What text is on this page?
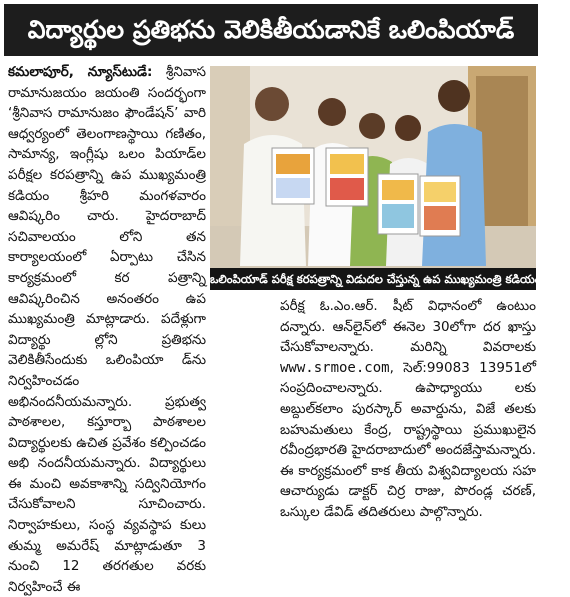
విద్యార్థుల ప్రతిభను వెలికితీయడానికే ఒలింపియాడ్

కమలాపూర్, న్యూస్‌టుడే: శ్రీనివాస రామానుజయం జయంతి సందర్భంగా ‘శ్రీనివాస రామానుజం ఫౌండేషన్’ వారి ఆధ్వర్యంలో తెలంగాణస్థాయి గణితం, సామాన్య, ఇంగ్లీషు ఒలం పియాడ్‌ల పరీక్షల కరపత్రాన్ని ఉప ముఖ్యమంత్రి కడియం శ్రీహరి మంగళవారం ఆవిష్కరిం చారు. హైదరాబాద్ సచివాలయం లోని తన కార్యాలయంలో ఏర్పాటు చేసిన కార్యక్రమంలో కర పత్రాన్ని ఆవిష్కరించిన అనంతరం ఉప ముఖ్యమంత్రి మాట్లాడారు. పదేళ్లుగా విద్యార్థు ల్లోని ప్రతిభను వెలికితీసేందుకు ఒలింపియా డ్‌ను నిర్వహించడం అభినందనీయమన్నారు. ప్రభుత్వ పాఠశాలల, కస్తూర్బా పాఠశాలల విద్యార్థులకు ఉచిత ప్రవేశం కల్పించడం అభి నందనీయమన్నారు. విద్యార్థులు ఈ మంచి అవకాశాన్ని సద్వినియోగం చేసుకోవాలని సూచించారు. నిర్వాహకులు, సంస్థ వ్యవస్థాప కులు తుమ్మ అమరేష్ మాట్లాడుతూ 3 నుంచి 12 తరగతుల వరకు నిర్వహించే ఈ

ఒలింపియాడ్ పరీక్ష కరపత్రాన్ని విడుదల చేస్తున్న ఉప ముఖ్యమంత్రి కడియం శ్రీహరి

పరీక్ష ఓ.ఎం.ఆర్. షీట్ విధానంలో ఉంటుం దన్నారు. ఆన్‌లైన్‌లో ఈనెల 30లోగా దర ఖాస్తు చేసుకోవాలన్నారు. మరిన్ని వివరాలకు www.srmoe.com, సెల్:99083 13951లో సంప్రదించాలన్నారు. ఉపాధ్యాయు లకు అబ్దుల్‌కలాం పురస్కార్ అవార్డును, విజే తలకు బహుమతులు కేంద్ర, రాష్ట్రస్థాయి ప్రముఖులైన రవీంద్రభారతి హైదరాబాదులో అందజేస్తామన్నారు. ఈ కార్యక్రమంలో కాక తీయ విశ్వవిద్యాలయ సహ ఆచార్యుడు డాక్టర్ చిర్ర రాజు, పొరండ్ల చరణ్, ఒస్కుల డేవిడ్ తదితరులు పాల్గొన్నారు.
